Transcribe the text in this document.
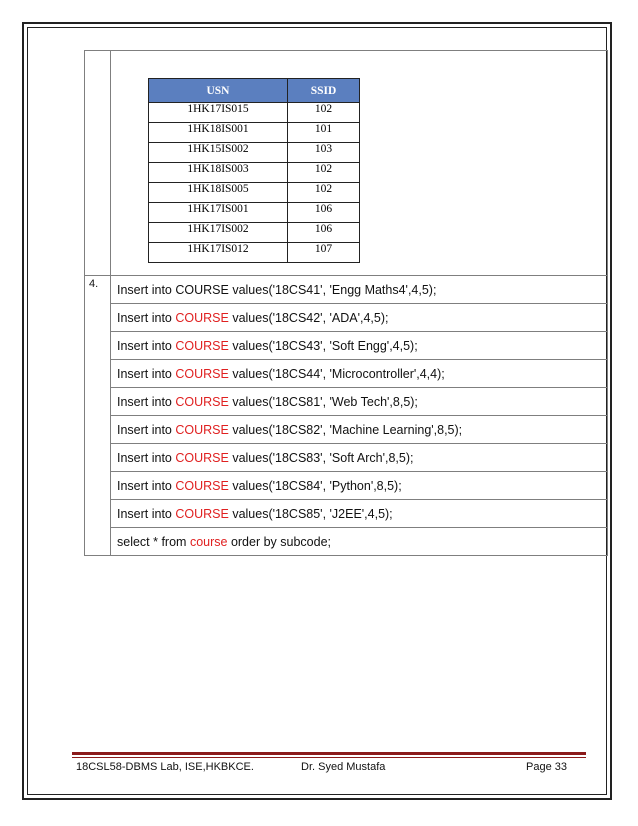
USN	SSID
1HK17IS015	102
1HK18IS001	101
1HK15IS002	103
1HK18IS003	102
1HK18IS005	102
1HK17IS001	106
1HK17IS002	106
1HK17IS012	107

4.	Insert into COURSE values('18CS41', 'Engg Maths4',4,5);
Insert into COURSE values('18CS42', 'ADA',4,5);
Insert into COURSE values('18CS43', 'Soft Engg',4,5);
Insert into COURSE values('18CS44', 'Microcontroller',4,4);
Insert into COURSE values('18CS81', 'Web Tech',8,5);
Insert into COURSE values('18CS82', 'Machine Learning',8,5);
Insert into COURSE values('18CS83', 'Soft Arch',8,5);
Insert into COURSE values('18CS84', 'Python',8,5);
Insert into COURSE values('18CS85', 'J2EE',4,5);
select * from course order by subcode;
18CSL58-DBMS Lab, ISE,HKBKCE.	Dr. Syed Mustafa	Page 33
